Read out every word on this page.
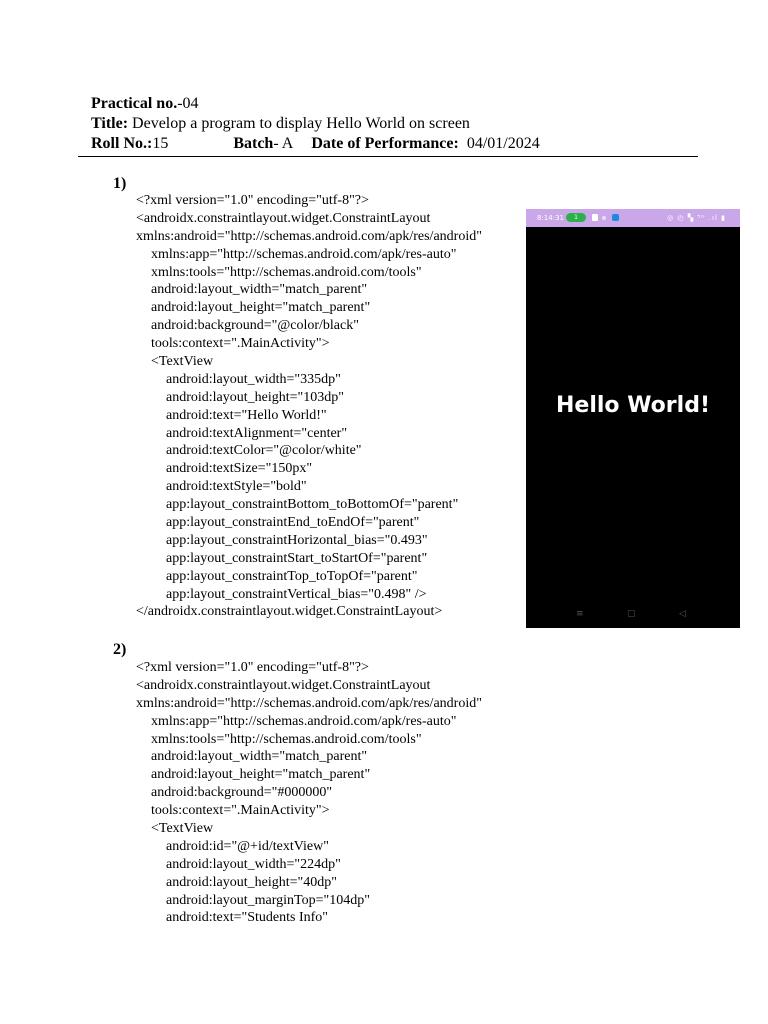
Practical no.-04
Title: Develop a program to display Hello World on screen
Roll No.:15	Batch- A Date of Performance: 04/01/2024
1)
<?xml version="1.0" encoding="utf-8"?>
<androidx.constraintlayout.widget.ConstraintLayout
xmlns:android="http://schemas.android.com/apk/res/android"
xmlns:app="http://schemas.android.com/apk/res-auto"
xmlns:tools="http://schemas.android.com/tools"
android:layout_width="match_parent"
android:layout_height="match_parent"
android:background="@color/black"
tools:context=".MainActivity">
<TextView
android:layout_width="335dp"
android:layout_height="103dp"
android:text="Hello World!"
android:textAlignment="center"
android:textColor="@color/white"
android:textSize="150px"
android:textStyle="bold"
app:layout_constraintBottom_toBottomOf="parent"
app:layout_constraintEnd_toEndOf="parent"
app:layout_constraintHorizontal_bias="0.493"
app:layout_constraintStart_toStartOf="parent"
app:layout_constraintTop_toTopOf="parent"
app:layout_constraintVertical_bias="0.498" />
</androidx.constraintlayout.widget.ConstraintLayout>
8:14:31	1	◎ ◴ ▚ ⁵ᴳ .ıl ▮
Hello World!
≡	▢	◁
2)
<?xml version="1.0" encoding="utf-8"?>
<androidx.constraintlayout.widget.ConstraintLayout
xmlns:android="http://schemas.android.com/apk/res/android"
xmlns:app="http://schemas.android.com/apk/res-auto"
xmlns:tools="http://schemas.android.com/tools"
android:layout_width="match_parent"
android:layout_height="match_parent"
android:background="#000000"
tools:context=".MainActivity">
<TextView
android:id="@+id/textView"
android:layout_width="224dp"
android:layout_height="40dp"
android:layout_marginTop="104dp"
android:text="Students Info"
